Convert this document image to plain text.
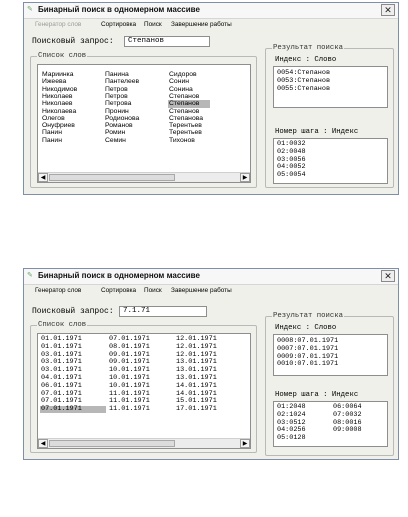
✎ Бинарный поиск в одномерном массиве	✕
Генератор слов	Сортировка Поиск Завершение работы
Поисковый запрос:	Степанов
Список слов
Мариинка	Панина	Сидоров
Ижеева	Пантелеев	Сонин
Никодимов	Петров	Сонина
Николаев	Петров	Степанов
Николаев	Петрова	Степанов
Николаева	Пронин	Степанов
Олегов	Родионова	Степанова
Онуфриев	Романов	Терентьев
Панин	Ромин	Терентьев
Панин	Семин	Тихонов
◀	▶
Результат поиска
Индекс : Слово
0054:Степанов
0053:Степанов
0055:Степанов
Номер шага : Индекс
01:0032
02:0048
03:0056
04:0052
05:0054
✎ Бинарный поиск в одномерном массиве	✕
Генератор слов	Сортировка Поиск Завершение работы
Поисковый запрос:	7.1.71
Список слов
01.01.1971	07.01.1971	12.01.1971
01.01.1971	08.01.1971	12.01.1971
03.01.1971	09.01.1971	12.01.1971
03.01.1971	09.01.1971	13.01.1971
03.01.1971	10.01.1971	13.01.1971
04.01.1971	10.01.1971	13.01.1971
06.01.1971	10.01.1971	14.01.1971
07.01.1971	11.01.1971	14.01.1971
07.01.1971	11.01.1971	15.01.1971
07.01.1971	11.01.1971	17.01.1971
◀	▶
Результат поиска
Индекс : Слово
0008:07.01.1971
0007:07.01.1971
0009:07.01.1971
0010:07.01.1971
Номер шага : Индекс
01:2048	06:0064
02:1024	07:0032
03:0512	08:0016
04:0256	09:0008
05:0128
